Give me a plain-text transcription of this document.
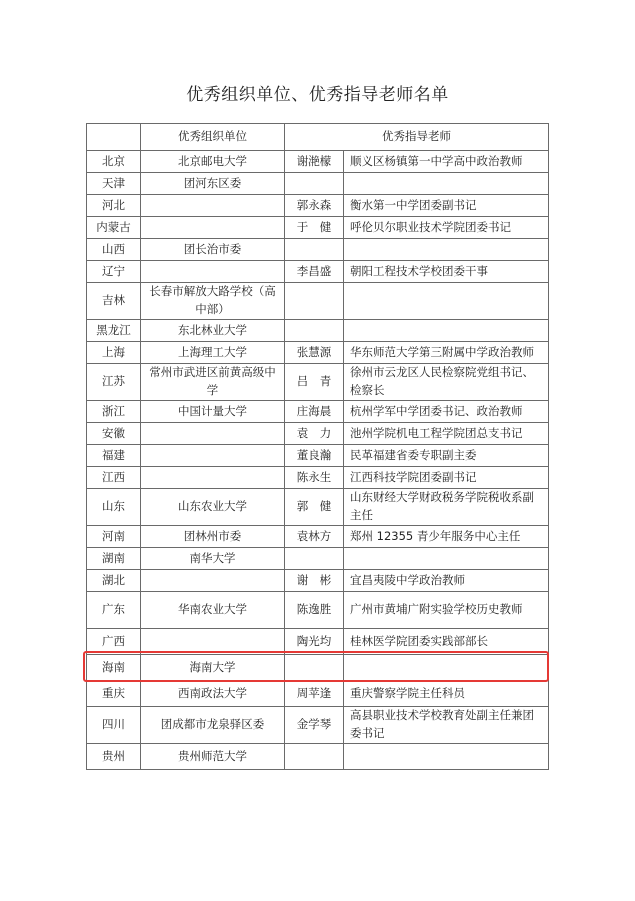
优秀组织单位、优秀指导老师名单
	优秀组织单位	优秀指导老师	
北京	北京邮电大学	谢滟檬	顺义区杨镇第一中学高中政治教师
天津	团河东区委		
河北		郭永森	衡水第一中学团委副书记
内蒙古		于　健	呼伦贝尔职业技术学院团委书记
山西	团长治市委		
辽宁		李昌盛	朝阳工程技术学校团委干事
吉林	长春市解放大路学校（高中部）		
黑龙江	东北林业大学		
上海	上海理工大学	张慧源	华东师范大学第三附属中学政治教师
江苏	常州市武进区前黄高级中学	吕　青	徐州市云龙区人民检察院党组书记、检察长
浙江	中国计量大学	庄海晨	杭州学军中学团委书记、政治教师
安徽		袁　力	池州学院机电工程学院团总支书记
福建		董良瀚	民革福建省委专职副主委
江西		陈永生	江西科技学院团委副书记
山东	山东农业大学	郭　健	山东财经大学财政税务学院税收系副主任
河南	团林州市委	袁林方	郑州 12355 青少年服务中心主任
湖南	南华大学		
湖北		谢　彬	宜昌夷陵中学政治教师
广东	华南农业大学	陈逸胜	广州市黄埔广附实验学校历史教师
广西		陶光均	桂林医学院团委实践部部长
海南	海南大学		
重庆	西南政法大学	周苹逢	重庆警察学院主任科员
四川	团成都市龙泉驿区委	金学琴	高县职业技术学校教育处副主任兼团委书记
贵州	贵州师范大学		
